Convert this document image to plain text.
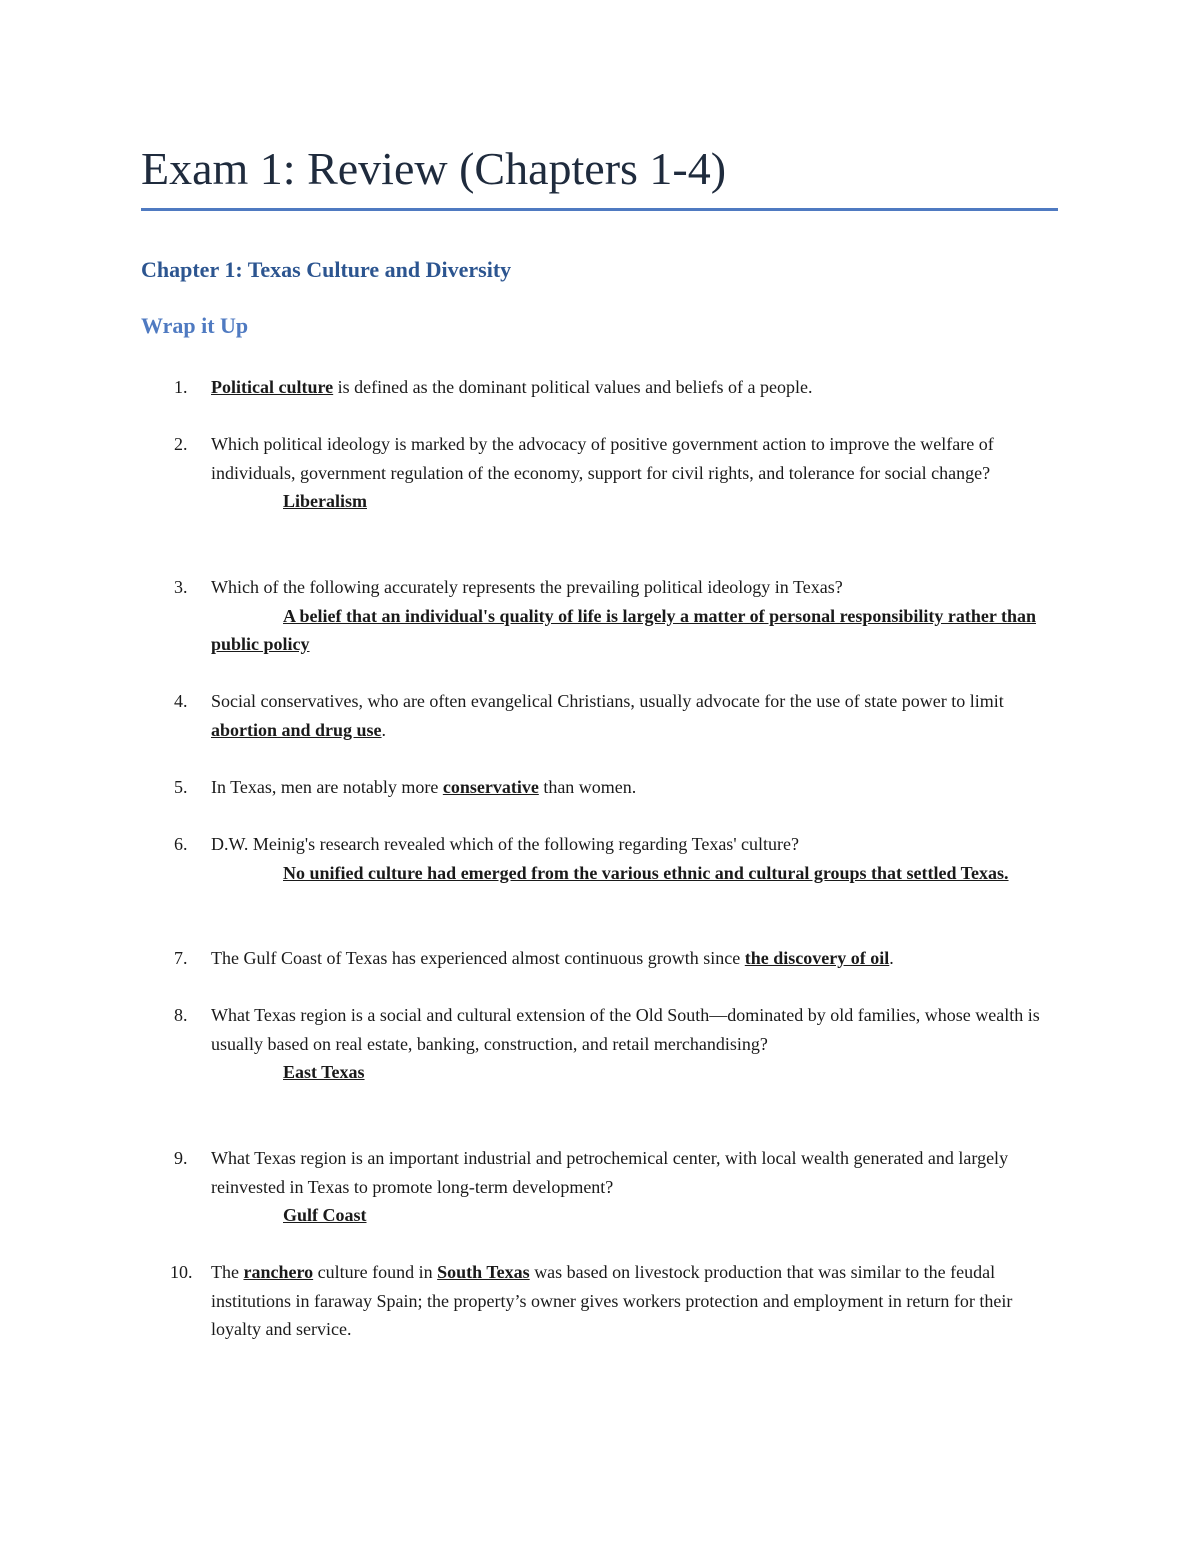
Exam 1: Review (Chapters 1-4)
Chapter 1: Texas Culture and Diversity
Wrap it Up
1.	Political culture is defined as the dominant political values and beliefs of a people.
2.	Which political ideology is marked by the advocacy of positive government action to improve the welfare of individuals, government regulation of the economy, support for civil rights, and tolerance for social change?
Liberalism
3.	Which of the following accurately represents the prevailing political ideology in Texas?
A belief that an individual's quality of life is largely a matter of personal responsibility rather than public policy
4.	Social conservatives, who are often evangelical Christians, usually advocate for the use of state power to limit abortion and drug use.
5.	In Texas, men are notably more conservative than women.
6.	D.W. Meinig's research revealed which of the following regarding Texas' culture?
No unified culture had emerged from the various ethnic and cultural groups that settled Texas.
7.	The Gulf Coast of Texas has experienced almost continuous growth since the discovery of oil.
8.	What Texas region is a social and cultural extension of the Old South—dominated by old families, whose wealth is usually based on real estate, banking, construction, and retail merchandising?
East Texas
9.	What Texas region is an important industrial and petrochemical center, with local wealth generated and largely reinvested in Texas to promote long-term development?
Gulf Coast
10.	The ranchero culture found in South Texas was based on livestock production that was similar to the feudal institutions in faraway Spain; the property’s owner gives workers protection and employment in return for their loyalty and service.
